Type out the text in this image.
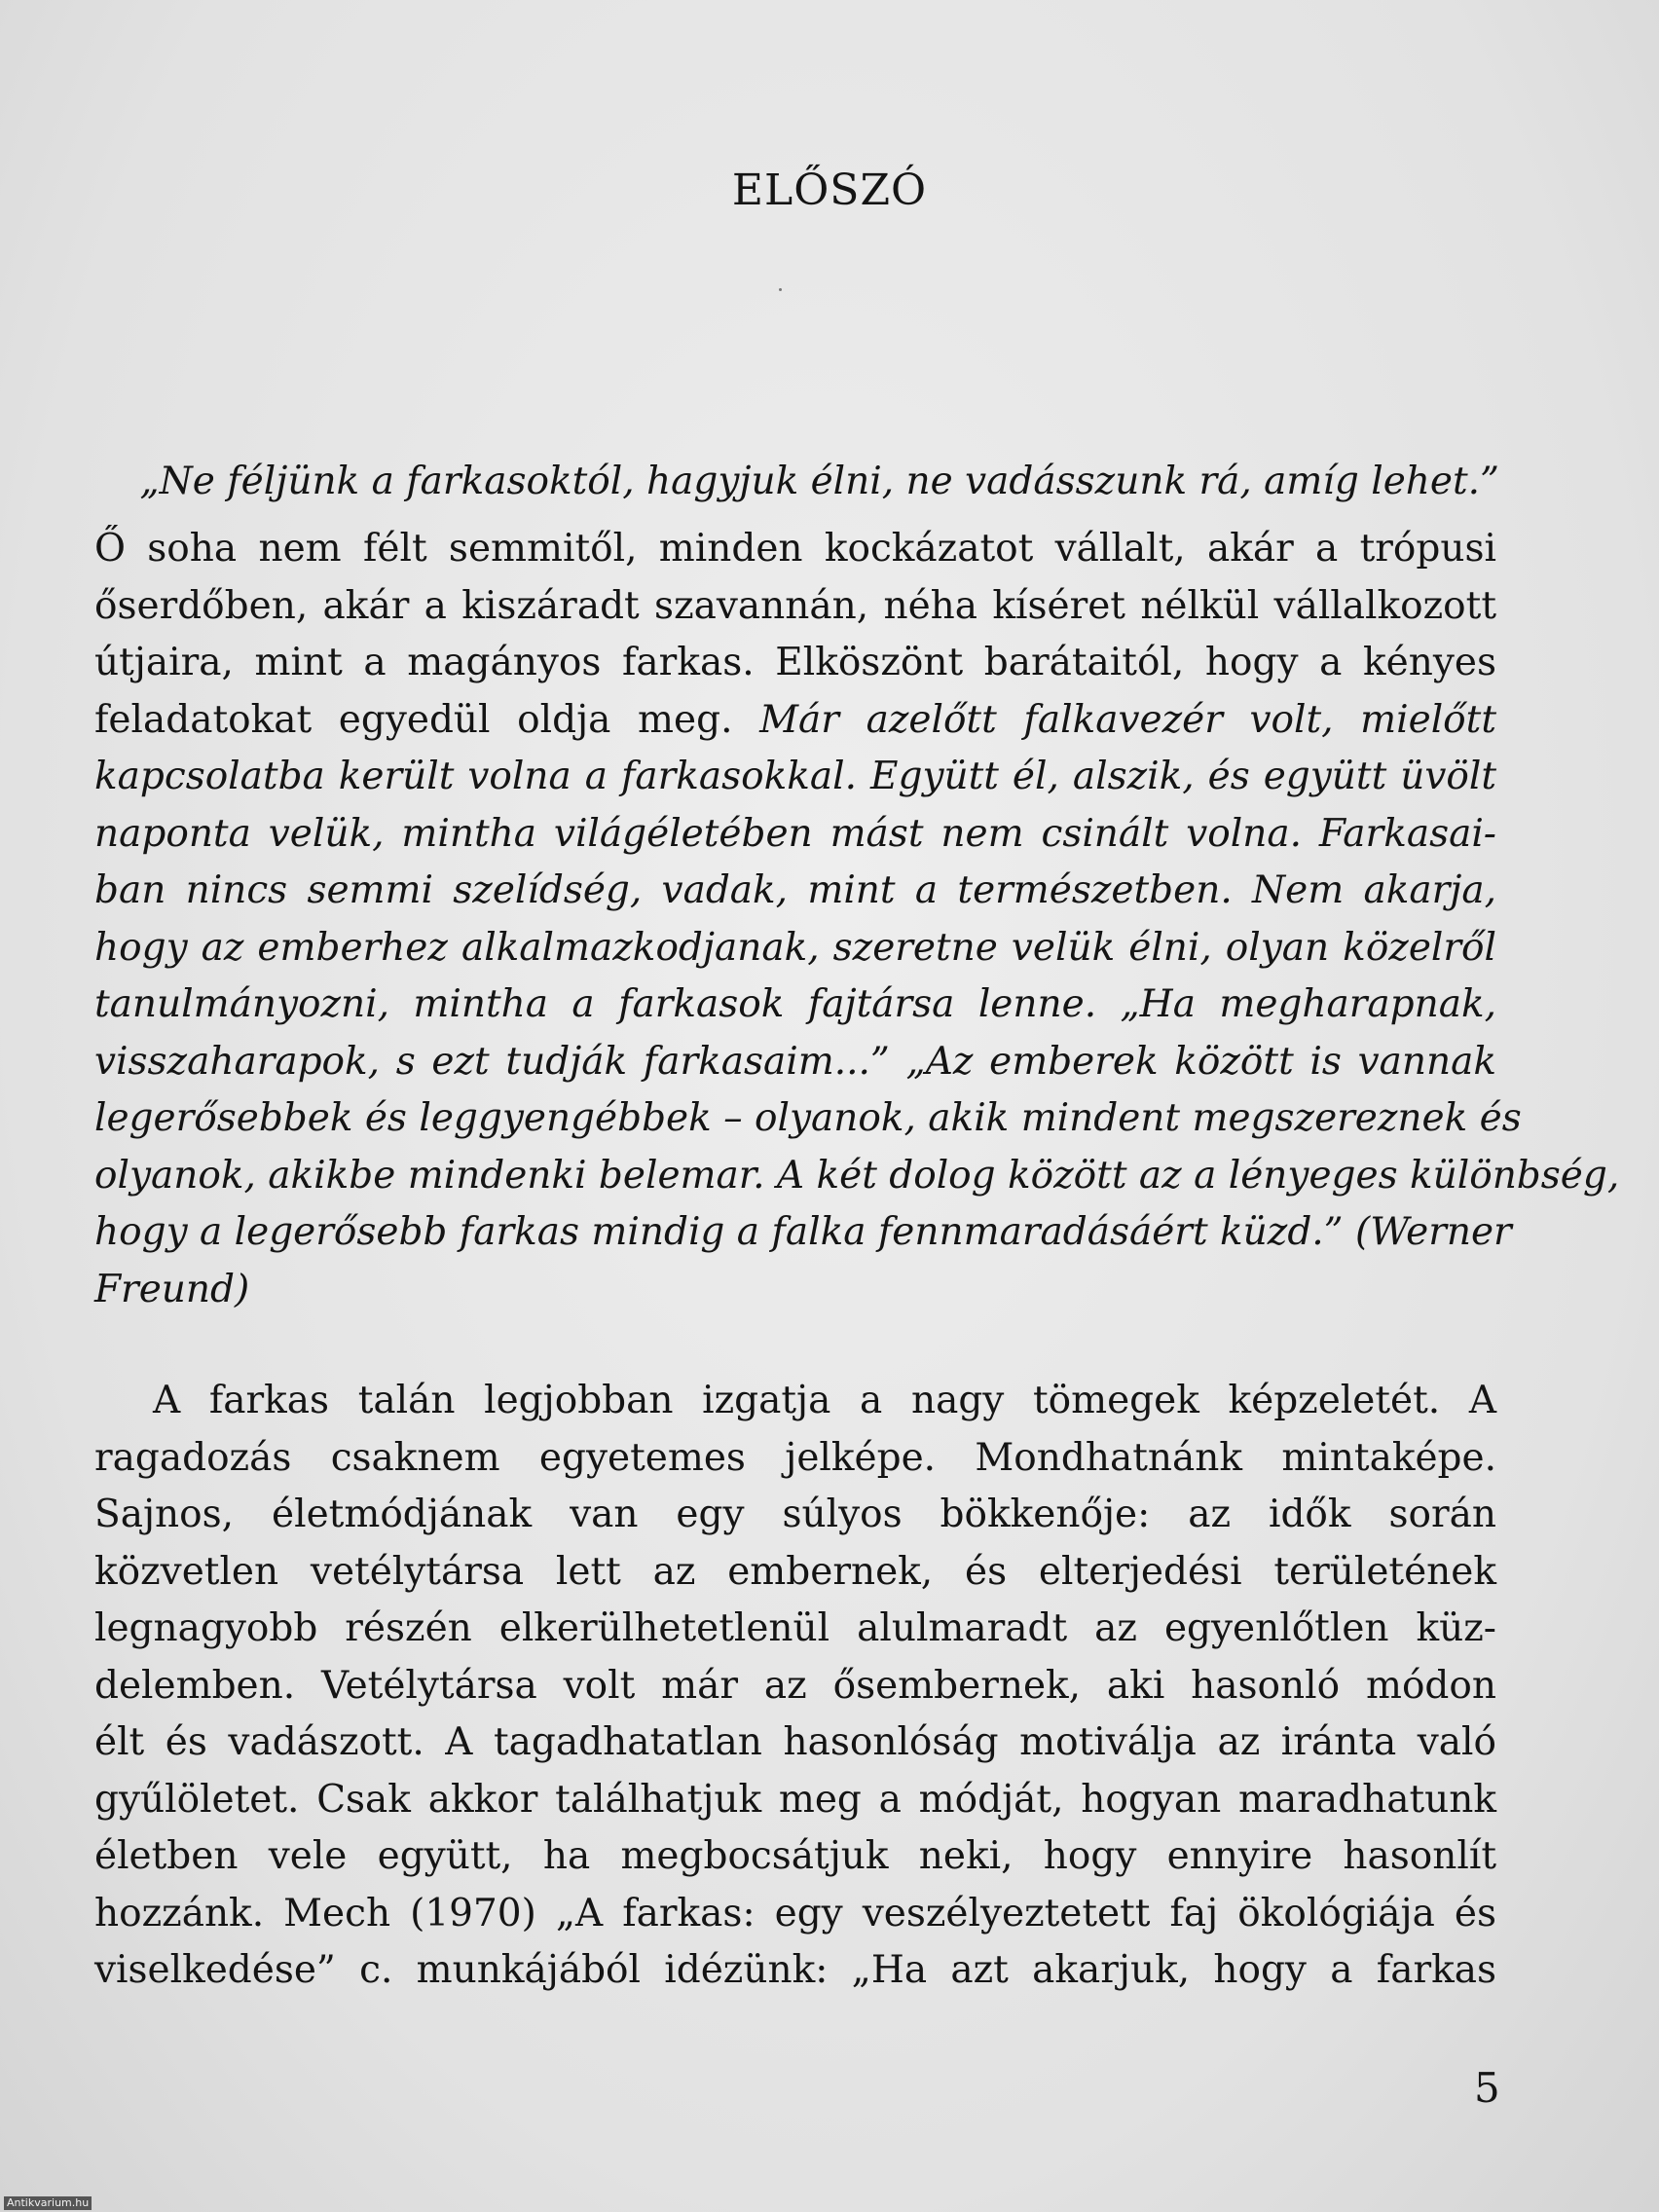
ELŐSZÓ
„Ne féljünk a farkasoktól, hagyjuk élni, ne vadásszunk rá, amíg lehet.”
Ő soha nem félt semmitől, minden kockázatot vállalt, akár a trópusi
őserdőben, akár a kiszáradt szavannán, néha kíséret nélkül vállalkozott
útjaira, mint a magányos farkas. Elköszönt barátaitól, hogy a kényes
feladatokat egyedül oldja meg. Már azelőtt falkavezér volt, mielőtt
kapcsolatba került volna a farkasokkal. Együtt él, alszik, és együtt üvölt
naponta velük, mintha világéletében mást nem csinált volna. Farkasai-
ban nincs semmi szelídség, vadak, mint a természetben. Nem akarja,
hogy az emberhez alkalmazkodjanak, szeretne velük élni, olyan közelről
tanulmányozni, mintha a farkasok fajtársa lenne. „Ha megharapnak,
visszaharapok, s ezt tudják farkasaim...” „Az emberek között is vannak
legerősebbek és leggyengébbek – olyanok, akik mindent megszereznek és
olyanok, akikbe mindenki belemar. A két dolog között az a lényeges különbség,
hogy a legerősebb farkas mindig a falka fennmaradásáért küzd.” (Werner
Freund)
A farkas talán legjobban izgatja a nagy tömegek képzeletét. A
ragadozás csaknem egyetemes jelképe. Mondhatnánk mintaképe.
Sajnos, életmódjának van egy súlyos bökkenője: az idők során
közvetlen vetélytársa lett az embernek, és elterjedési területének
legnagyobb részén elkerülhetetlenül alulmaradt az egyenlőtlen küz-
delemben. Vetélytársa volt már az ősembernek, aki hasonló módon
élt és vadászott. A tagadhatatlan hasonlóság motiválja az iránta való
gyűlöletet. Csak akkor találhatjuk meg a módját, hogyan maradhatunk
életben vele együtt, ha megbocsátjuk neki, hogy ennyire hasonlít
hozzánk. Mech (1970) „A farkas: egy veszélyeztetett faj ökológiája és
viselkedése” c. munkájából idézünk: „Ha azt akarjuk, hogy a farkas
5
Antikvarium.hu
